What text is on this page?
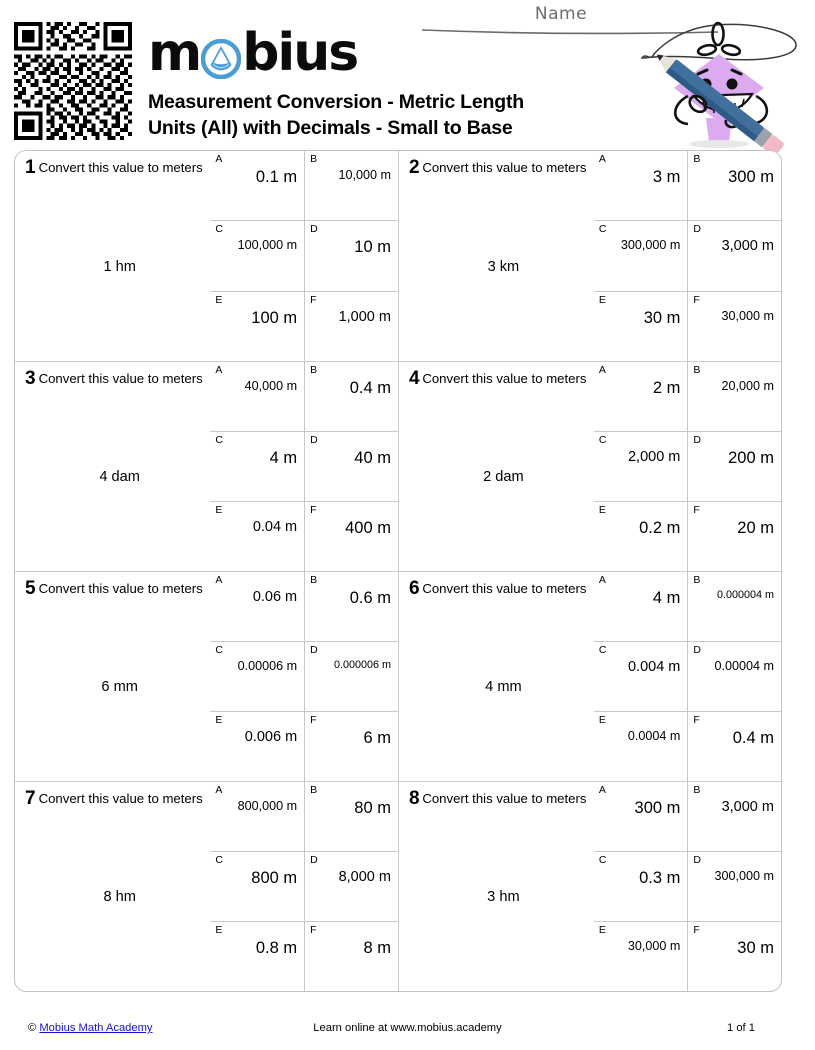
m bius
Measurement Conversion - Metric Length
Units (All) with Decimals - Small to Base
Name
1 Convert this value to meters
1 hm
A
0.1 m
B
10,000 m
C
100,000 m
D
10 m
E
100 m
F
1,000 m
2 Convert this value to meters
3 km
A
3 m
B
300 m
C
300,000 m
D
3,000 m
E
30 m
F
30,000 m
3 Convert this value to meters
4 dam
A
40,000 m
B
0.4 m
C
4 m
D
40 m
E
0.04 m
F
400 m
4 Convert this value to meters
2 dam
A
2 m
B
20,000 m
C
2,000 m
D
200 m
E
0.2 m
F
20 m
5 Convert this value to meters
6 mm
A
0.06 m
B
0.6 m
C
0.00006 m
D
0.000006 m
E
0.006 m
F
6 m
6 Convert this value to meters
4 mm
A
4 m
B
0.000004 m
C
0.004 m
D
0.00004 m
E
0.0004 m
F
0.4 m
7 Convert this value to meters
8 hm
A
800,000 m
B
80 m
C
800 m
D
8,000 m
E
0.8 m
F
8 m
8 Convert this value to meters
3 hm
A
300 m
B
3,000 m
C
0.3 m
D
300,000 m
E
30,000 m
F
30 m
© Mobius Math Academy	Learn online at www.mobius.academy	1 of 1
